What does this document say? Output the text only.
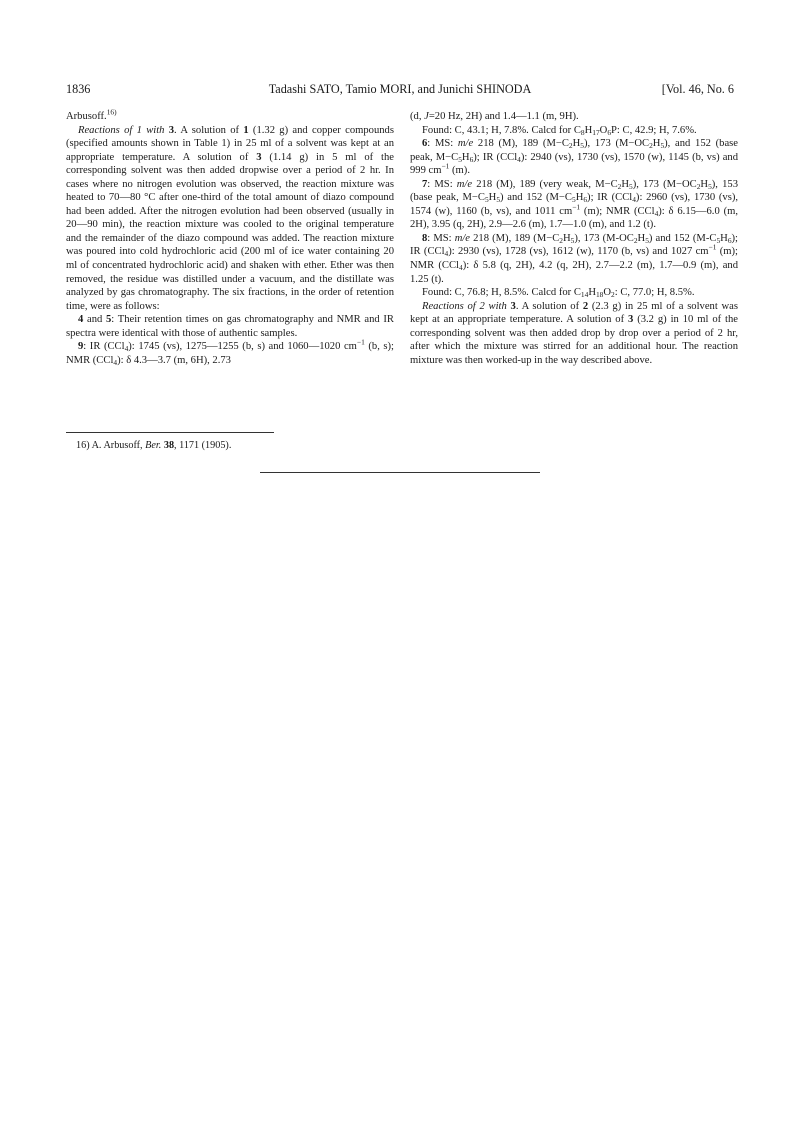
1836	Tadashi SATO, Tamio MORI, and Junichi SHINODA	[Vol. 46, No. 6

Arbusoff.$^{16)}$

Reactions of 1 with 3. A solution of 1 (1.32 g) and copper compounds (specified amounts shown in Table 1) in 25 ml of a solvent was kept at an appropriate temperature. A solution of 3 (1.14 g) in 5 ml of the corresponding solvent was then added dropwise over a period of 2 hr. In cases where no nitrogen evolution was observed, the reaction mixture was heated to 70—80 °C after one-third of the total amount of diazo compound had been added. After the nitrogen evolution had been observed (usually in 20—90 min), the reaction mixture was cooled to the original temperature and the remainder of the diazo compound was added. The reaction mixture was poured into cold hydrochloric acid (200 ml of ice water containing 20 ml of concentrated hydrochloric acid) and shaken with ether. Ether was then removed, the residue was distilled under a vacuum, and the distillate was analyzed by gas chromatography. The six fractions, in the order of retention time, were as follows:

4 and 5: Their retention times on gas chromatography and NMR and IR spectra were identical with those of authentic samples.

9: IR (CCl$_4$): 1745 (vs), 1275—1255 (b, s) and 1060—1020 $cm^{-1}$ (b, s); NMR (CCl$_4$): δ 4.3—3.7 (m, 6H), 2.73

(d, J=20 Hz, 2H) and 1.4—1.1 (m, 9H).

Found: C, 43.1; H, 7.8%. Calcd for $C_8H_{17}O_6P$: C, 42.9; H, 7.6%.

6: MS: m/e 218 (M), 189 $(M-C_2H_5)$, 173 $(M-OC_2H_5)$, and 152 (base peak, $M-C_5H_6$); IR (CCl$_4$): 2940 (vs), 1730 (vs), 1570 (w), 1145 (b, vs) and 999 $cm^{-1}$ (m).

7: MS: m/e 218 (M), 189 (very weak, $M-C_2H_5$), 173 $(M-OC_2H_5)$, 153 (base peak, $M-C_5H_5$) and 152 $(M-C_5H_6)$; IR (CCl$_4$): 2960 (vs), 1730 (vs), 1574 (w), 1160 (b, vs), and 1011 $cm^{-1}$ (m); NMR (CCl$_4$): δ 6.15—6.0 (m, 2H), 3.95 (q, 2H), 2.9—2.6 (m), 1.7—1.0 (m), and 1.2 (t).

8: MS: m/e 218 (M), 189 $(M-C_2H_5)$, 173 $(M-OC_2H_5)$ and 152 $(M-C_5H_6)$; IR (CCl$_4$): 2930 (vs), 1728 (vs), 1612 (w), 1170 (b, vs) and 1027 $cm^{-1}$ (m); NMR (CCl$_4$): δ 5.8 (q, 2H), 4.2 (q, 2H), 2.7—2.2 (m), 1.7—0.9 (m), and 1.25 (t).

Found: C, 76.8; H, 8.5%. Calcd for $C_{14}H_{18}O_2$: C, 77.0; H, 8.5%.

Reactions of 2 with 3. A solution of 2 (2.3 g) in 25 ml of a solvent was kept at an appropriate temperature. A solution of 3 (3.2 g) in 10 ml of the corresponding solvent was then added drop by drop over a period of 2 hr, after which the mixture was stirred for an additional hour. The reaction mixture was then worked-up in the way described above.

16) A. Arbusoff, Ber. 38, 1171 (1905).
